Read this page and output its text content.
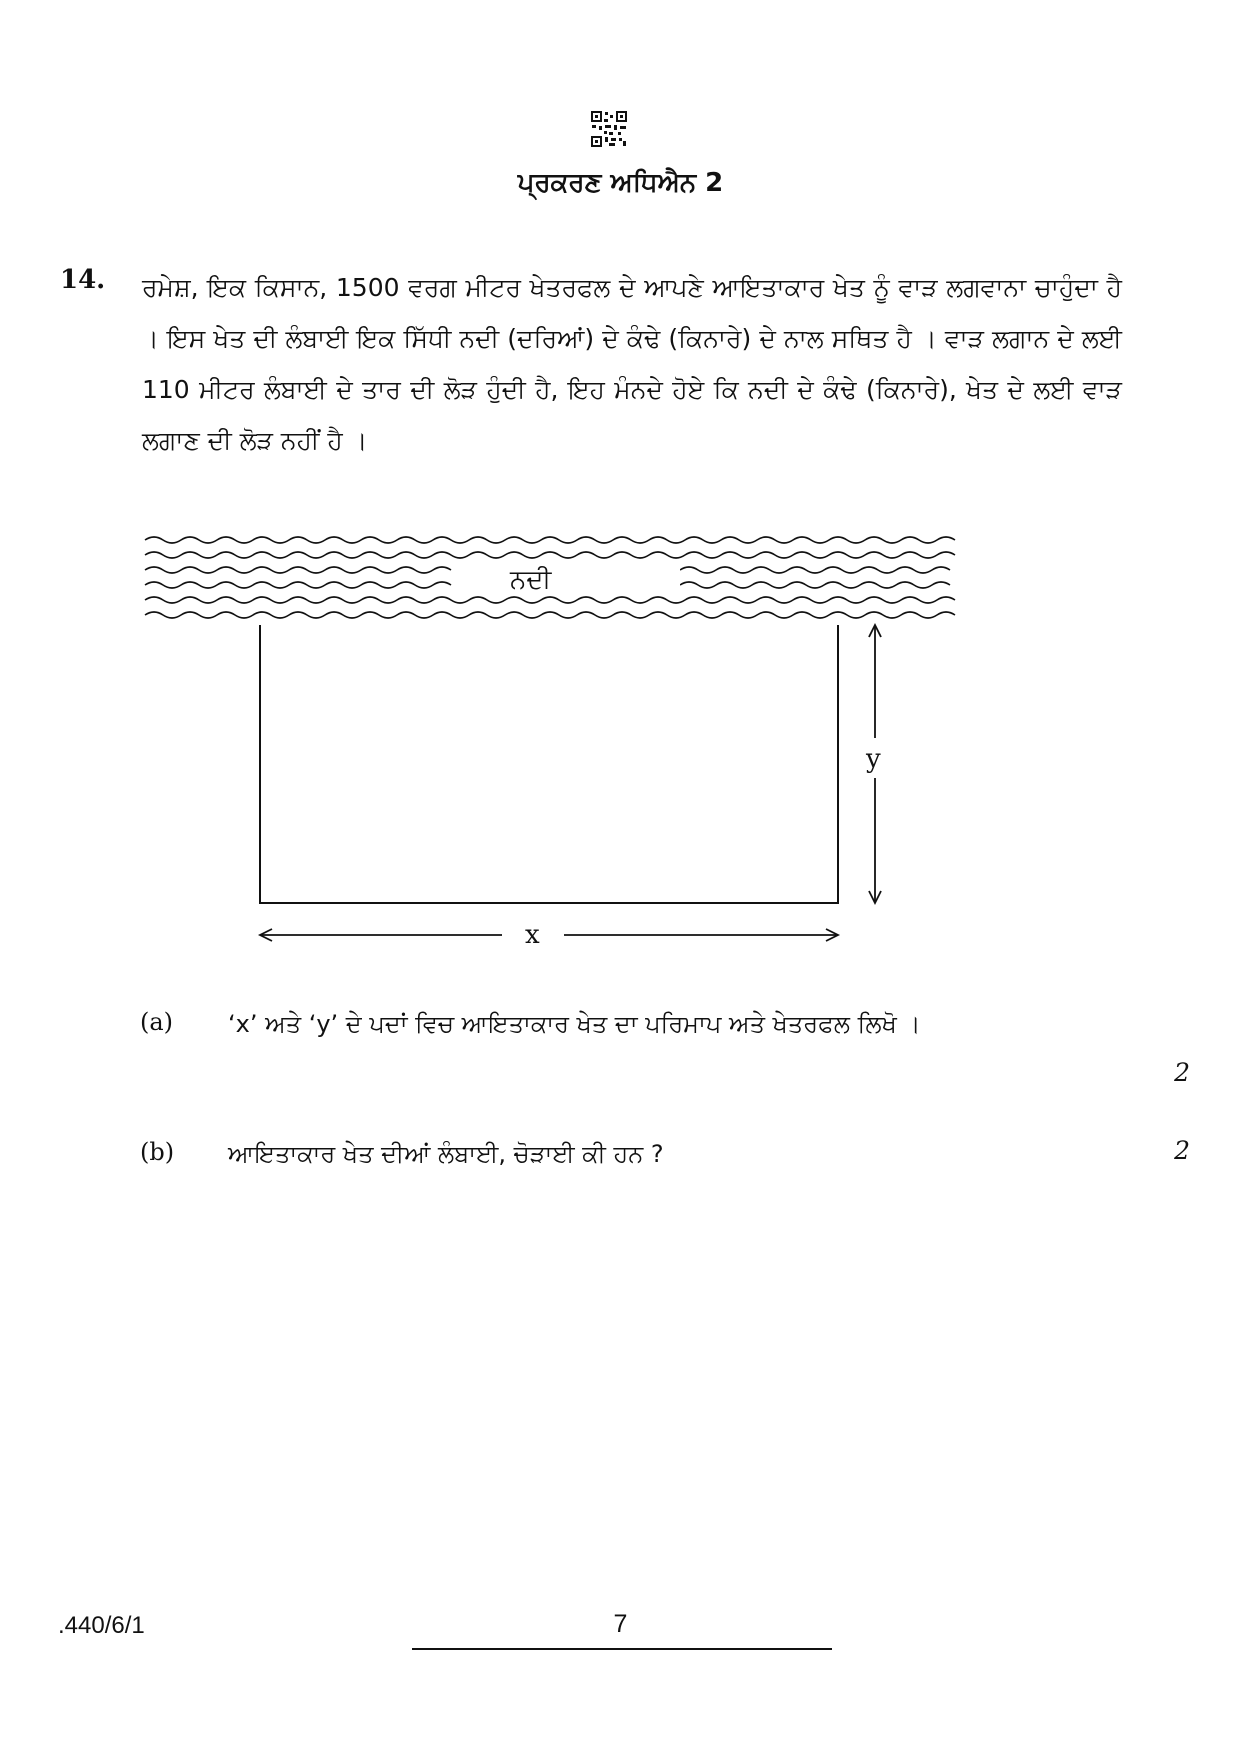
ਪ੍ਰਕਰਣ ਅਧਿਐਨ 2
14. ਰਮੇਸ਼, ਇਕ ਕਿਸਾਨ, 1500 ਵਰਗ ਮੀਟਰ ਖੇਤਰਫਲ ਦੇ ਆਪਣੇ ਆਇਤਾਕਾਰ ਖੇਤ ਨੂੰ ਵਾੜ ਲਗਵਾਨਾ ਚਾਹੁੰਦਾ ਹੈ । ਇਸ ਖੇਤ ਦੀ ਲੰਬਾਈ ਇਕ ਸਿੱਧੀ ਨਦੀ (ਦਰਿਆਂ) ਦੇ ਕੰਢੇ (ਕਿਨਾਰੇ) ਦੇ ਨਾਲ ਸਥਿਤ ਹੈ । ਵਾੜ ਲਗਾਨ ਦੇ ਲਈ 110 ਮੀਟਰ ਲੰਬਾਈ ਦੇ ਤਾਰ ਦੀ ਲੋੜ ਹੁੰਦੀ ਹੈ, ਇਹ ਮੰਨਦੇ ਹੋਏ ਕਿ ਨਦੀ ਦੇ ਕੰਢੇ (ਕਿਨਾਰੇ), ਖੇਤ ਦੇ ਲਈ ਵਾੜ ਲਗਾਣ ਦੀ ਲੋੜ ਨਹੀਂ ਹੈ ।
ਨਦੀ
y
x
(a) ‘x’ ਅਤੇ ‘y’ ਦੇ ਪਦਾਂ ਵਿਚ ਆਇਤਾਕਾਰ ਖੇਤ ਦਾ ਪਰਿਮਾਪ ਅਤੇ ਖੇਤਰਫਲ ਲਿਖੋ ।
2
(b) ਆਇਤਾਕਾਰ ਖੇਤ ਦੀਆਂ ਲੰਬਾਈ, ਚੋੜਾਈ ਕੀ ਹਨ ?	2
.440/6/1	7
